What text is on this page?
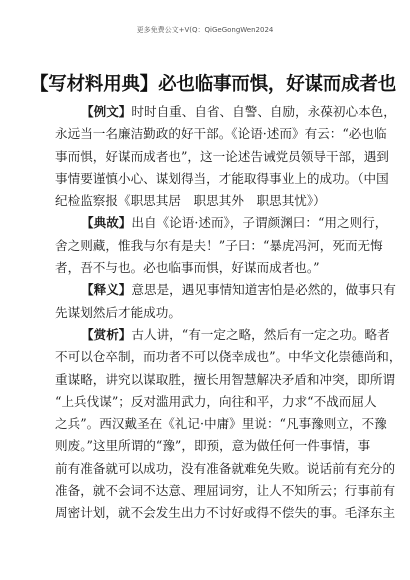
更多免费公文+V(Q：QiGeGongWen2024
【写材料用典】必也临事而惧，好谋而成者也
【例文】时时自重、自省、自警、自励，永葆初心本色，
永远当一名廉洁勤政的好干部。《论语·述而》有云：“必也临
事而惧，好谋而成者也”，这一论述告诫党员领导干部，遇到
事情要谨慎小心、谋划得当，才能取得事业上的成功。（中国
纪检监察报《职思其居　职思其外　职思其忧》）
【典故】出自《论语·述而》，子谓颜渊曰：“用之则行，
舍之则藏，惟我与尔有是夫！”子曰：“暴虎冯河，死而无悔
者，吾不与也。必也临事而惧，好谋而成者也。”
【释义】意思是，遇见事情知道害怕是必然的，做事只有
先谋划然后才能成功。
【赏析】古人讲，“有一定之略，然后有一定之功。略者
不可以仓卒制，而功者不可以侥幸成也”。中华文化崇德尚和，
重谋略，讲究以谋取胜，擅长用智慧解决矛盾和冲突，即所谓
“上兵伐谋”；反对滥用武力，向往和平，力求“不战而屈人
之兵”。西汉戴圣在《礼记·中庸》里说：“凡事豫则立，不豫
则废。”这里所谓的“豫”，即预，意为做任何一件事情，事
前有准备就可以成功，没有准备就难免失败。说话前有充分的
准备，就不会词不达意、理屈词穷，让人不知所云；行事前有
周密计划，就不会发生出力不讨好或得不偿失的事。毛泽东主
